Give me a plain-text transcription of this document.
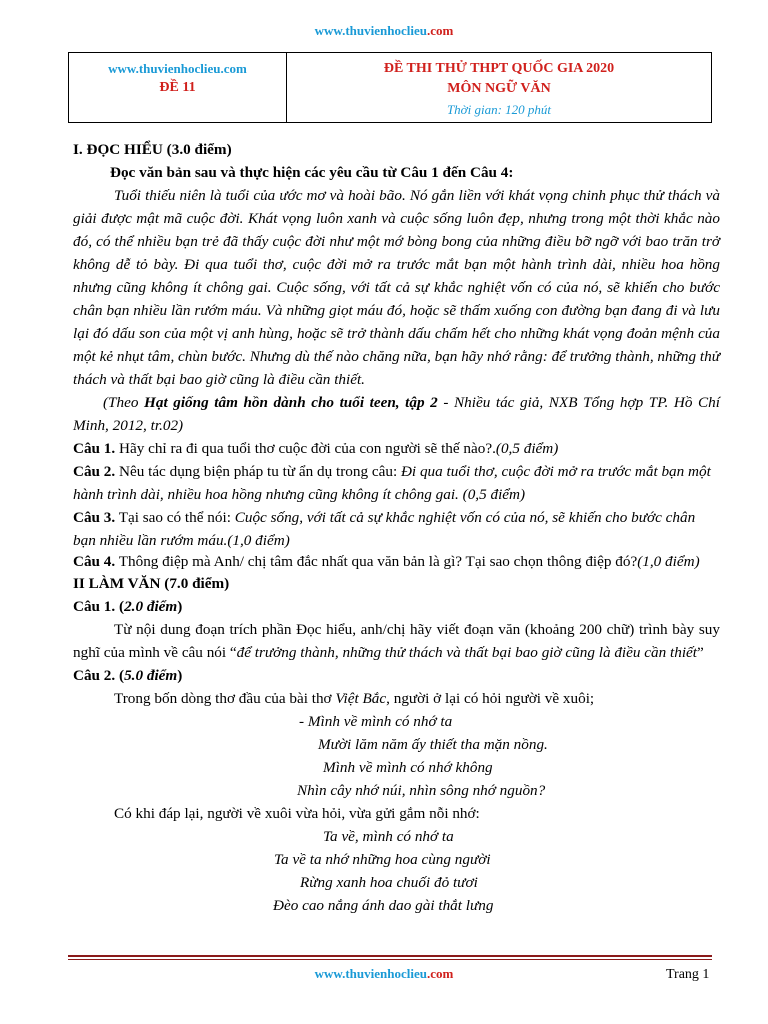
www.thuvienhoclieu.com
www.thuvienhoclieu.com
ĐỀ 11
ĐỀ THI THỬ THPT QUỐC GIA 2020
MÔN NGỮ VĂN
Thời gian: 120 phút

I. ĐỌC HIỂU (3.0 điểm)

Đọc văn bản sau và thực hiện các yêu cầu từ Câu 1 đến Câu 4:

Tuổi thiếu niên là tuổi của ước mơ và hoài bão. Nó gắn liền với khát vọng chinh phục thử thách và giải được mật mã cuộc đời. Khát vọng luôn xanh và cuộc sống luôn đẹp, nhưng trong một thời khắc nào đó, có thể nhiều bạn trẻ đã thấy cuộc đời như một mớ bòng bong của những điều bỡ ngỡ với bao trăn trở không dễ tỏ bày. Đi qua tuổi thơ, cuộc đời mở ra trước mắt bạn một hành trình dài, nhiều hoa hồng nhưng cũng không ít chông gai. Cuộc sống, với tất cả sự khắc nghiệt vốn có của nó, sẽ khiến cho bước chân bạn nhiều lần rướm máu. Và những giọt máu đó, hoặc sẽ thấm xuống con đường bạn đang đi và lưu lại đó dấu son của một vị anh hùng, hoặc sẽ trở thành dấu chấm hết cho những khát vọng đoản mệnh của một kẻ nhụt tâm, chùn bước. Nhưng dù thế nào chăng nữa, bạn hãy nhớ rằng: để trưởng thành, những thử thách và thất bại bao giờ cũng là điều cần thiết.

(Theo Hạt giống tâm hồn dành cho tuổi teen, tập 2 - Nhiều tác giả, NXB Tổng hợp TP. Hồ Chí Minh, 2012, tr.02)

Câu 1. Hãy chỉ ra đi qua tuổi thơ cuộc đời của con người sẽ thế nào?.(0,5 điểm)

Câu 2. Nêu tác dụng biện pháp tu từ ẩn dụ trong câu: Đi qua tuổi thơ, cuộc đời mở ra trước mắt bạn một hành trình dài, nhiều hoa hồng nhưng cũng không ít chông gai. (0,5 điểm)

Câu 3. Tại sao có thể nói: Cuộc sống, với tất cả sự khắc nghiệt vốn có của nó, sẽ khiến cho bước chân bạn nhiều lần rướm máu.(1,0 điểm)

Câu 4. Thông điệp mà Anh/ chị tâm đắc nhất qua văn bản là gì? Tại sao chọn thông điệp đó?(1,0 điểm)

II LÀM VĂN (7.0 điểm)

Câu 1. (2.0 điểm)

Từ nội dung đoạn trích phần Đọc hiểu, anh/chị hãy viết đoạn văn (khoảng 200 chữ) trình bày suy nghĩ của mình về câu nói “để trưởng thành, những thử thách và thất bại bao giờ cũng là điều cần thiết”

Câu 2. (5.0 điểm)

Trong bốn dòng thơ đầu của bài thơ Việt Bắc, người ở lại có hỏi người về xuôi;

- Mình về mình có nhớ ta

Mười lăm năm ấy thiết tha mặn nồng.

Mình về mình có nhớ không

Nhìn cây nhớ núi, nhìn sông nhớ nguồn?

Có khi đáp lại, người về xuôi vừa hỏi, vừa gửi gắm nỗi nhớ:

Ta về, mình có nhớ ta

Ta về ta nhớ những hoa cùng người

Rừng xanh hoa chuối đỏ tươi

Đèo cao nắng ánh dao gài thắt lưng

www.thuvienhoclieu.com	Trang 1
